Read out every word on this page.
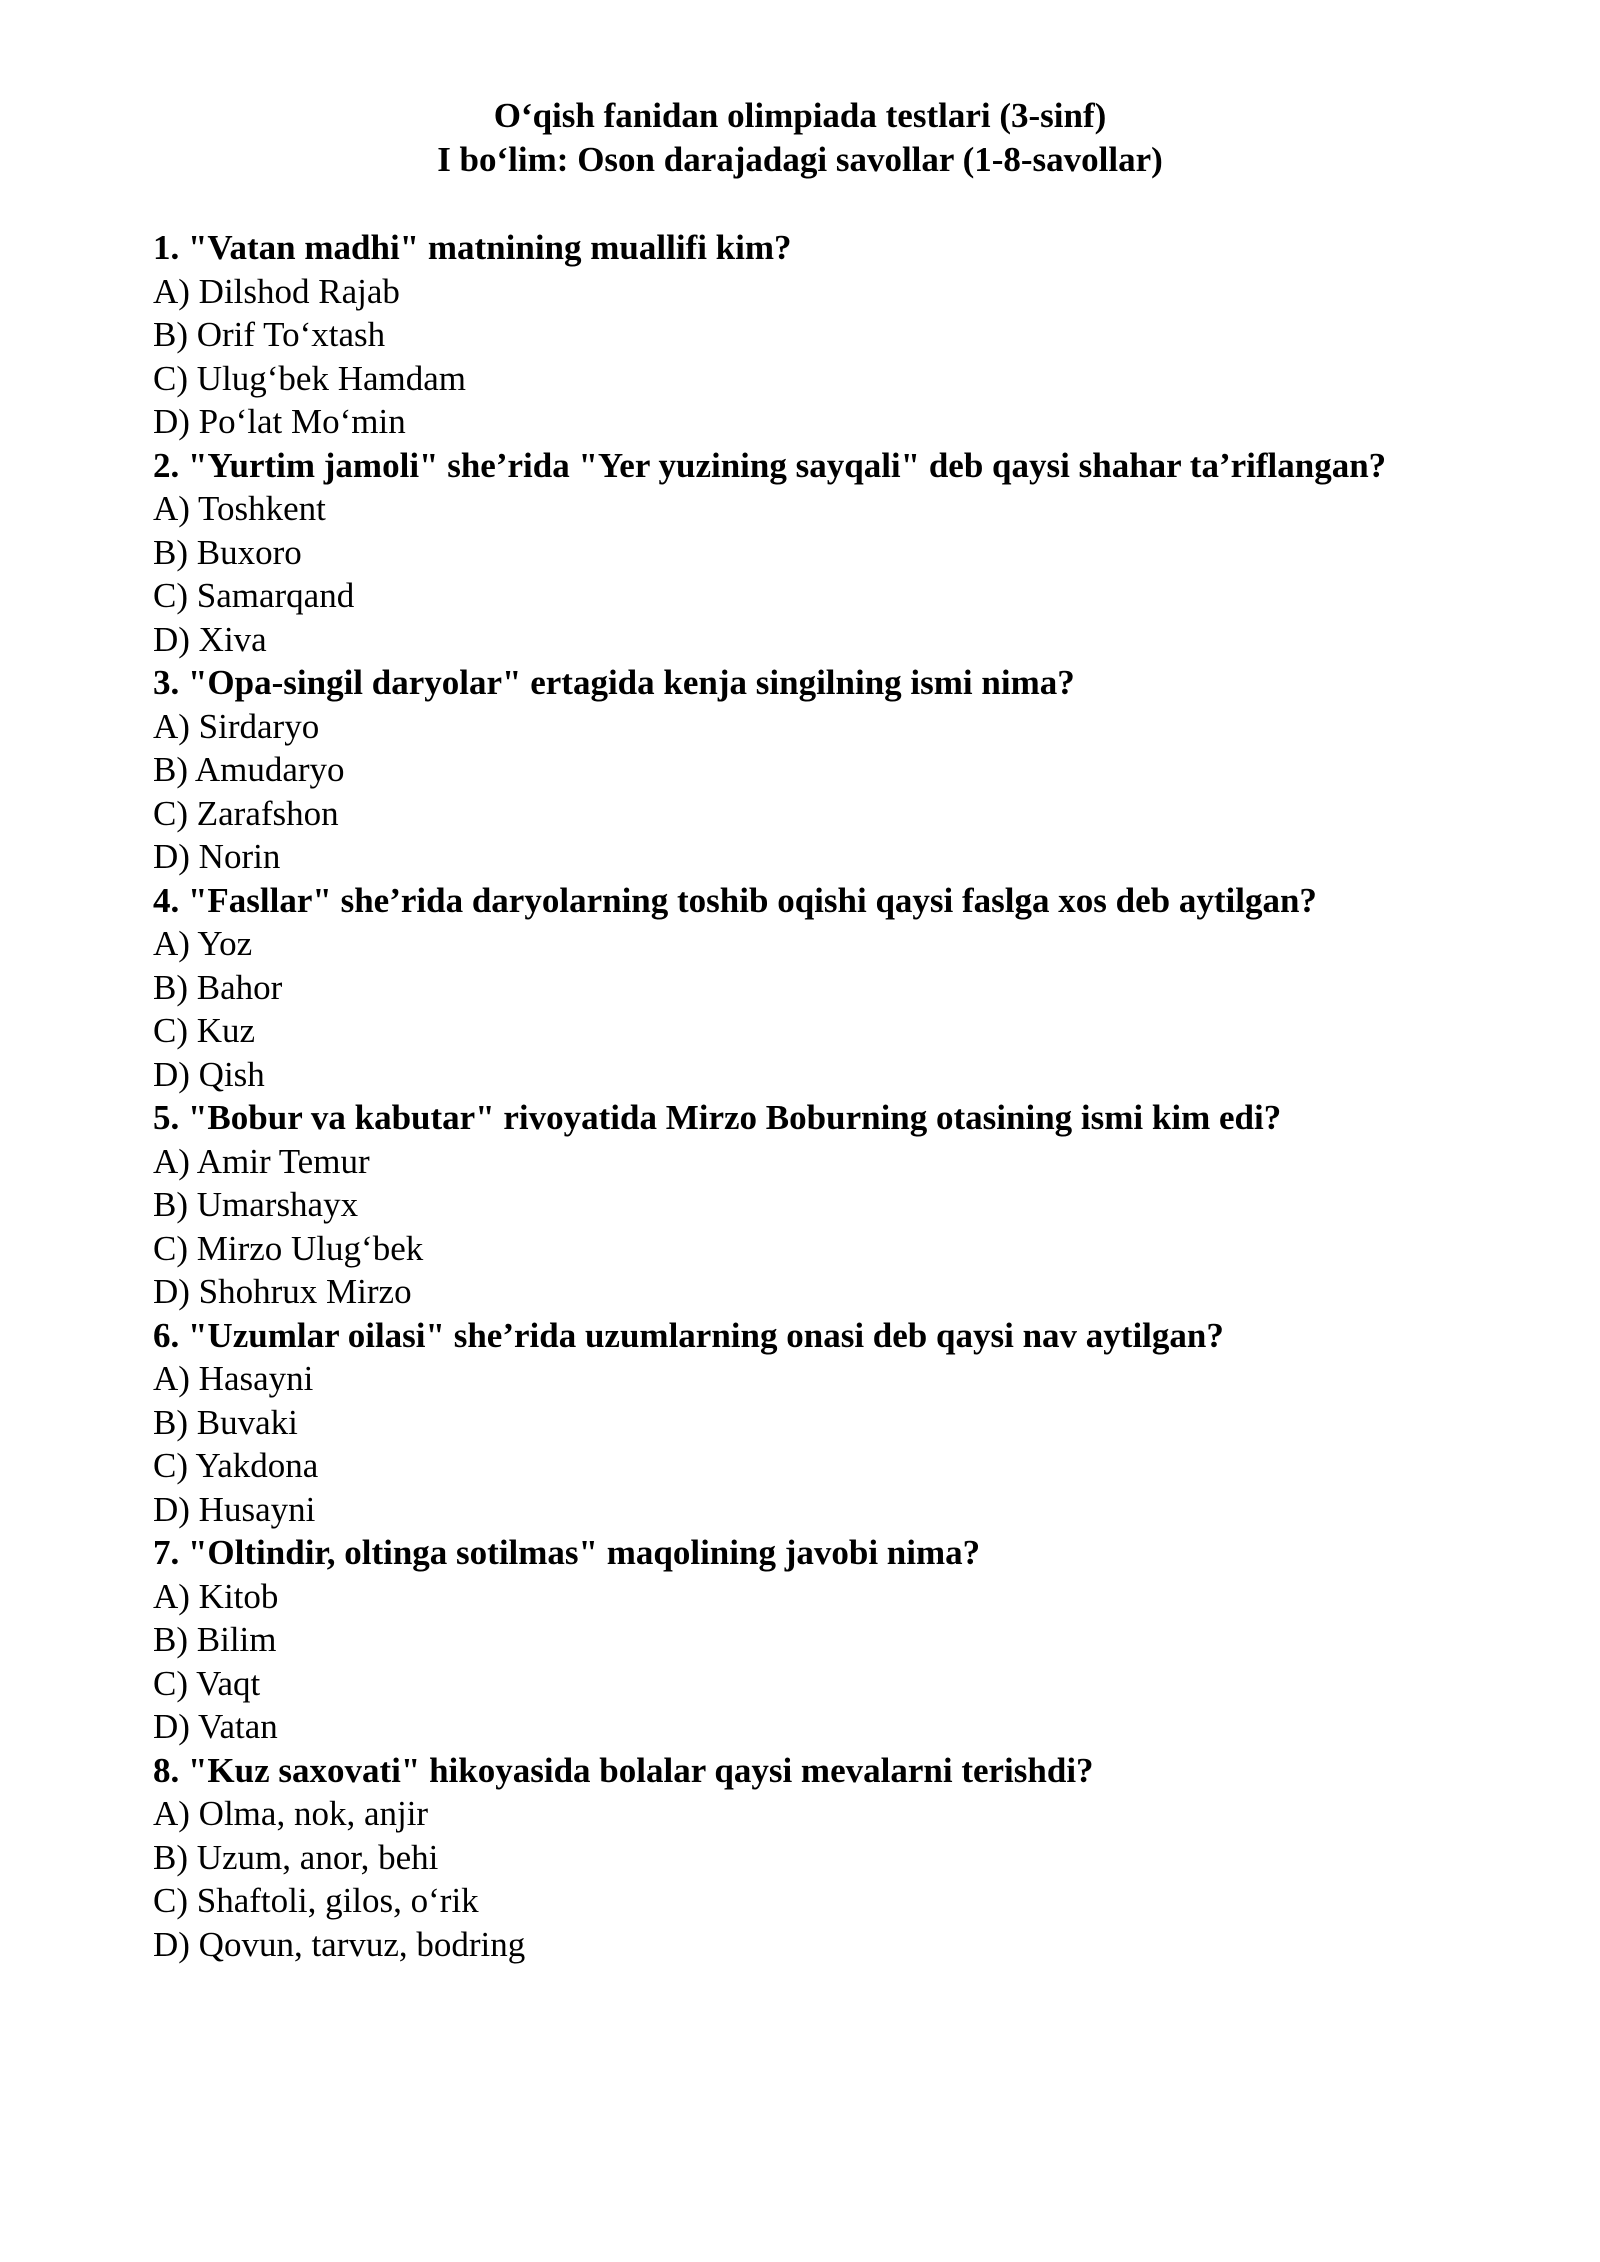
O‘qish fanidan olimpiada testlari (3-sinf)
I bo‘lim: Oson darajadagi savollar (1-8-savollar)
1. "Vatan madhi" matnining muallifi kim?
A) Dilshod Rajab
B) Orif To‘xtash
C) Ulug‘bek Hamdam
D) Po‘lat Mo‘min
2. "Yurtim jamoli" she’rida "Yer yuzining sayqali" deb qaysi shahar ta’riflangan?
A) Toshkent
B) Buxoro
C) Samarqand
D) Xiva
3. "Opa-singil daryolar" ertagida kenja singilning ismi nima?
A) Sirdaryo
B) Amudaryo
C) Zarafshon
D) Norin
4. "Fasllar" she’rida daryolarning toshib oqishi qaysi faslga xos deb aytilgan?
A) Yoz
B) Bahor
C) Kuz
D) Qish
5. "Bobur va kabutar" rivoyatida Mirzo Boburning otasining ismi kim edi?
A) Amir Temur
B) Umarshayx
C) Mirzo Ulug‘bek
D) Shohrux Mirzo
6. "Uzumlar oilasi" she’rida uzumlarning onasi deb qaysi nav aytilgan?
A) Hasayni
B) Buvaki
C) Yakdona
D) Husayni
7. "Oltindir, oltinga sotilmas" maqolining javobi nima?
A) Kitob
B) Bilim
C) Vaqt
D) Vatan
8. "Kuz saxovati" hikoyasida bolalar qaysi mevalarni terishdi?
A) Olma, nok, anjir
B) Uzum, anor, behi
C) Shaftoli, gilos, o‘rik
D) Qovun, tarvuz, bodring
